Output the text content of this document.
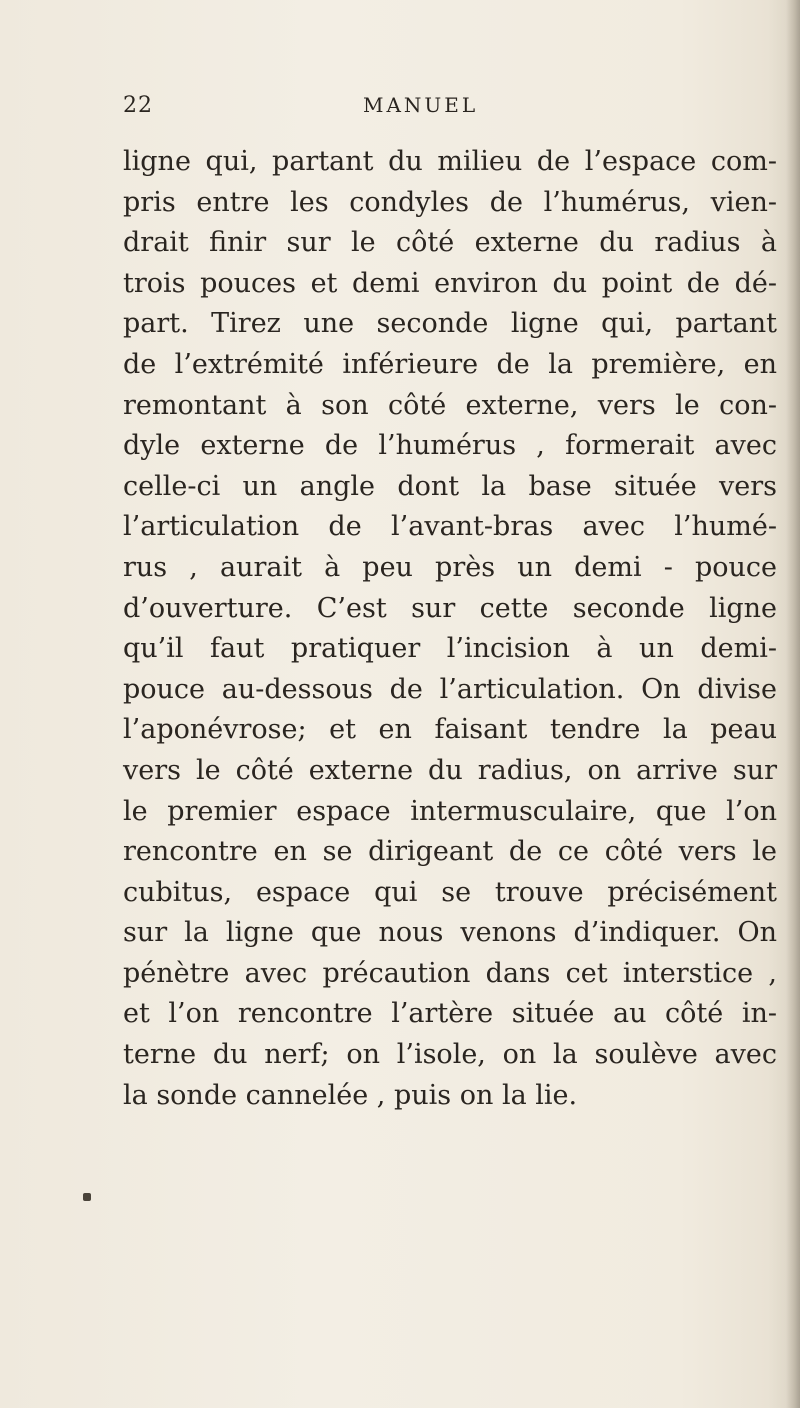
22	MANUEL
ligne qui, partant du milieu de l’espace com-
pris entre les condyles de l’humérus, vien-
drait finir sur le côté externe du radius à
trois pouces et demi environ du point de dé-
part. Tirez une seconde ligne qui, partant
de l’extrémité inférieure de la première, en
remontant à son côté externe, vers le con-
dyle externe de l’humérus , formerait avec
celle-ci un angle dont la base située vers
l’articulation de l’avant-bras avec l’humé-
rus , aurait à peu près un demi - pouce
d’ouverture. C’est sur cette seconde ligne
qu’il faut pratiquer l’incision à un demi-
pouce au-dessous de l’articulation. On divise
l’aponévrose; et en faisant tendre la peau
vers le côté externe du radius, on arrive sur
le premier espace intermusculaire, que l’on
rencontre en se dirigeant de ce côté vers le
cubitus, espace qui se trouve précisément
sur la ligne que nous venons d’indiquer. On
pénètre avec précaution dans cet interstice ,
et l’on rencontre l’artère située au côté in-
terne du nerf; on l’isole, on la soulève avec
la sonde cannelée , puis on la lie.
